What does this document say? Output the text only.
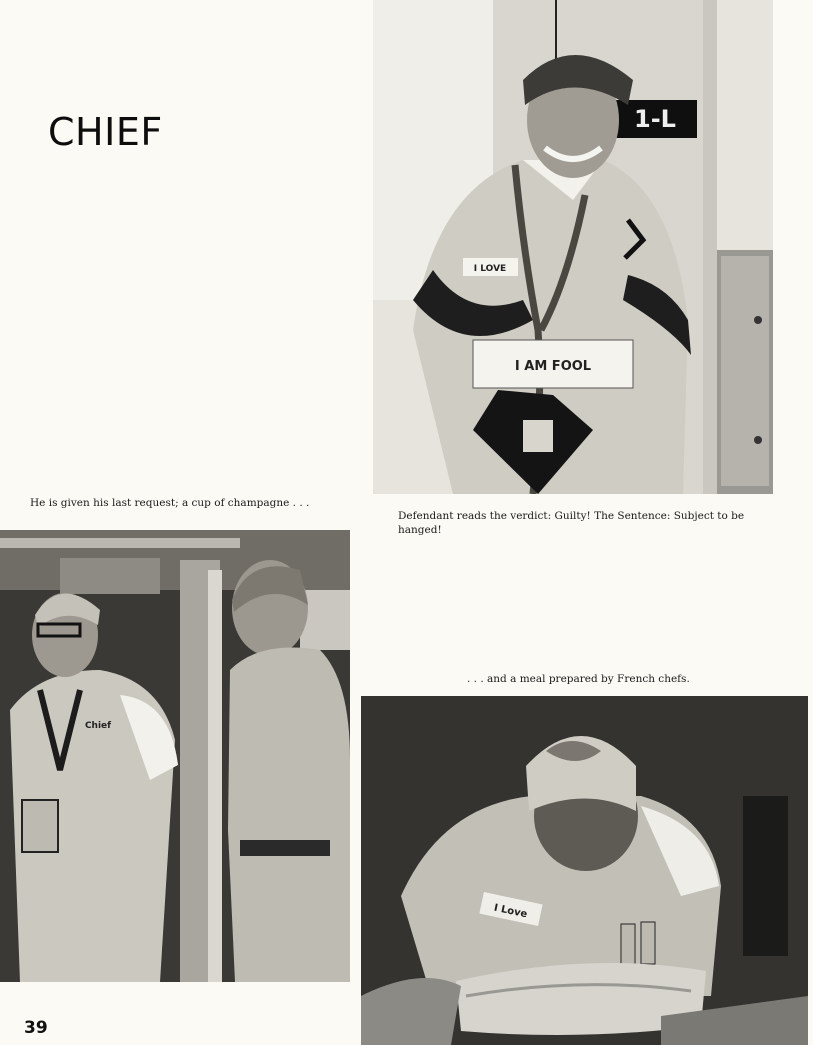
CHIEF	1-L
I AM FOOL
I LOVE

He is given his last request; a cup of champagne . . .

Defendant reads the verdict: Guilty! The Sentence: Subject to be hanged!

Chief

. . . and a meal prepared by French chefs.

I Love
39
